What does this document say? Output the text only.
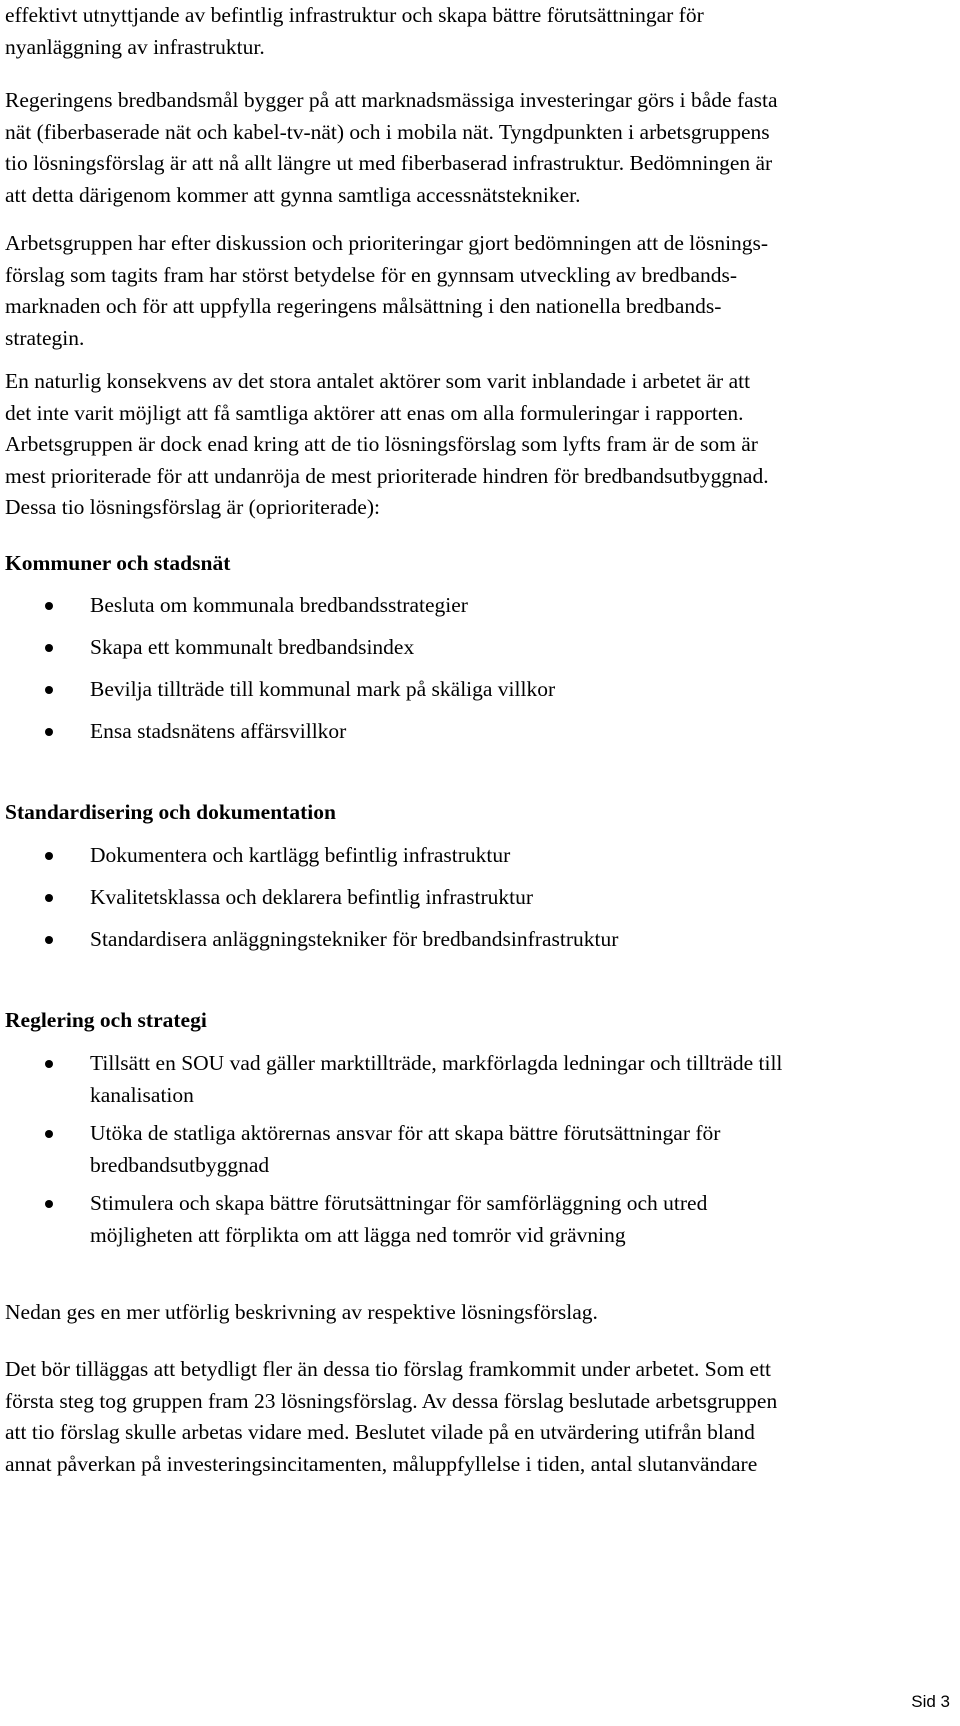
effektivt utnyttjande av befintlig infrastruktur och skapa bättre förutsättningar för
nyanläggning av infrastruktur.

Regeringens bredbandsmål bygger på att marknadsmässiga investeringar görs i både fasta
nät (fiberbaserade nät och kabel-tv-nät) och i mobila nät. Tyngdpunkten i arbetsgruppens
tio lösningsförslag är att nå allt längre ut med fiberbaserad infrastruktur. Bedömningen är
att detta därigenom kommer att gynna samtliga accessnätstekniker.

Arbetsgruppen har efter diskussion och prioriteringar gjort bedömningen att de lösnings-
förslag som tagits fram har störst betydelse för en gynnsam utveckling av bredbands-
marknaden och för att uppfylla regeringens målsättning i den nationella bredbands-
strategin.

En naturlig konsekvens av det stora antalet aktörer som varit inblandade i arbetet är att
det inte varit möjligt att få samtliga aktörer att enas om alla formuleringar i rapporten.
Arbetsgruppen är dock enad kring att de tio lösningsförslag som lyfts fram är de som är
mest prioriterade för att undanröja de mest prioriterade hindren för bredbandsutbyggnad.
Dessa tio lösningsförslag är (oprioriterade):

Kommuner och stadsnät
Besluta om kommunala bredbandsstrategier
Skapa ett kommunalt bredbandsindex
Bevilja tillträde till kommunal mark på skäliga villkor
Ensa stadsnätens affärsvillkor
Standardisering och dokumentation
Dokumentera och kartlägg befintlig infrastruktur
Kvalitetsklassa och deklarera befintlig infrastruktur
Standardisera anläggningstekniker för bredbandsinfrastruktur
Reglering och strategi
Tillsätt en SOU vad gäller marktillträde, markförlagda ledningar och tillträde till
kanalisation
Utöka de statliga aktörernas ansvar för att skapa bättre förutsättningar för
bredbandsutbyggnad
Stimulera och skapa bättre förutsättningar för samförläggning och utred
möjligheten att förplikta om att lägga ned tomrör vid grävning

Nedan ges en mer utförlig beskrivning av respektive lösningsförslag.

Det bör tilläggas att betydligt fler än dessa tio förslag framkommit under arbetet. Som ett
första steg tog gruppen fram 23 lösningsförslag. Av dessa förslag beslutade arbetsgruppen
att tio förslag skulle arbetas vidare med. Beslutet vilade på en utvärdering utifrån bland
annat påverkan på investeringsincitamenten, måluppfyllelse i tiden, antal slutanvändare

Sid 3
